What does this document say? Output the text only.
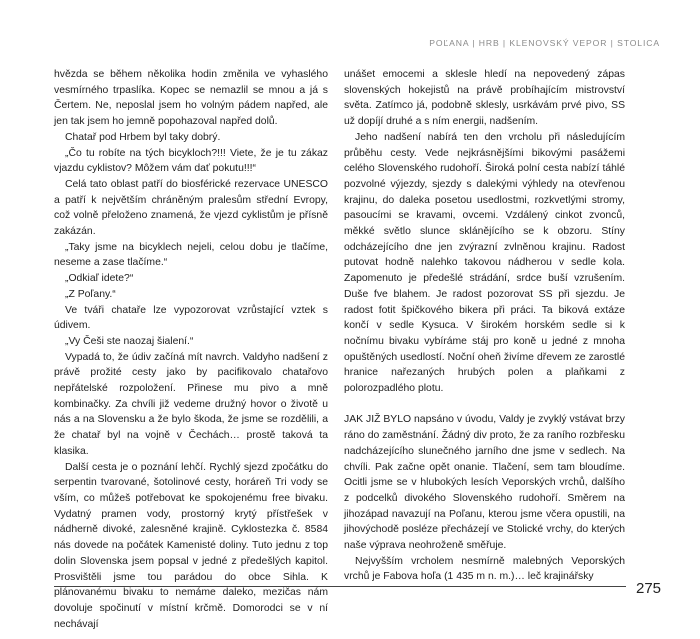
POĽANA | HRB | KLENOVSKÝ VEPOR | STOLICA

hvězda se během několika hodin změnila ve vyhaslého vesmírného trpaslíka. Kopec se nemazlil se mnou a já s Čertem. Ne, neposlal jsem ho volným pádem napřed, ale jen tak jsem ho jemně popohazoval napřed dolů.

Chatař pod Hrbem byl taky dobrý.

„Čo tu robíte na tých bicykloch?!!! Viete, že je tu zákaz vjazdu cyklistov? Môžem vám dať pokutu!!!“

Celá tato oblast patří do biosférické rezervace UNESCO a patří k největším chráněným pralesům střední Evropy, což volně přeloženo znamená, že vjezd cyklistům je přísně zakázán.

„Taky jsme na bicyklech nejeli, celou dobu je tlačíme, neseme a zase tlačíme.“

„Odkiaľ idete?“

„Z Poľany.“

Ve tváři chataře lze vypozorovat vzrůstající vztek s údivem.

„Vy Češi ste naozaj šialení.“

Vypadá to, že údiv začíná mít navrch. Valdyho nadšení z právě prožité cesty jako by pacifikovalo chatařovo nepřátelské rozpoložení. Přinese mu pivo a mně kombinačky. Za chvíli již vedeme družný hovor o životě u nás a na Slovensku a že bylo škoda, že jsme se rozdělili, a že chatař byl na vojně v Čechách… prostě taková ta klasika.

Další cesta je o poznání lehčí. Rychlý sjezd zpočátku do serpentin tvarované, šotolinové cesty, horáreň Tri vody se vším, co můžeš potřebovat ke spokojenému free bivaku. Vydatný pramen vody, prostorný krytý přístřešek v nádherně divoké, zalesněné krajině. Cyklostezka č. 8584 nás dovede na počátek Kamenisté doliny. Tuto jednu z top dolin Slovenska jsem popsal v jedné z předešlých kapitol. Prosvištěli jsme tou parádou do obce Sihla. K plánovanému bivaku to nemáme daleko, mezičas nám dovoluje spočinutí v místní krčmě. Domorodci se v ní nechávají

unášet emocemi a sklesle hledí na nepovedený zápas slovenských hokejistů na právě probíhajícím mistrovství světa. Zatímco já, podobně sklesly, usrkávám prvé pivo, SS už dopíjí druhé a s ním energii, nadšením.

Jeho nadšení nabírá ten den vrcholu při následujícím průběhu cesty. Vede nejkrásnějšími bikovými pasážemi celého Slovenského rudohoří. Široká polní cesta nabízí táhlé pozvolné výjezdy, sjezdy s dalekými výhledy na otevřenou krajinu, do daleka posetou usedlostmi, rozkvetlými stromy, pasoucími se kravami, ovcemi. Vzdálený cinkot zvonců, měkké světlo slunce sklánějícího se k obzoru. Stíny odcházejícího dne jen zvýrazní zvlněnou krajinu. Radost putovat hodně nalehko takovou nádherou v sedle kola. Zapomenuto je předešlé strádání, srdce buší vzrušením. Duše fve blahem. Je radost pozorovat SS při sjezdu. Je radost fotit špičkového bikera při práci. Ta biková extáze končí v sedle Kysuca. V širokém horském sedle si k nočnímu bivaku vybíráme stáj pro koně u jedné z mnoha opuštěných usedlostí. Noční oheň živíme dřevem ze zarostlé hranice nařezaných hrubých polen a plaňkami z polorozpadlého plotu.

JAK JIŽ BYLO napsáno v úvodu, Valdy je zvyklý vstávat brzy ráno do zaměstnání. Žádný div proto, že za raního rozbřesku nadcházejícího slunečného jarního dne jsme v sedlech. Na chvíli. Pak začne opět onanie. Tlačení, sem tam bloudíme. Ocitli jsme se v hlubokých lesích Veporských vrchů, dalšího z podcelků divokého Slovenského rudohoří. Směrem na jihozápad navazují na Poľanu, kterou jsme včera opustili, na jihovýchodě posléze přecházejí ve Stolické vrchy, do kterých naše výprava neohroženě směřuje.

Nejvyšším vrcholem nesmírně malebných Veporských vrchů je Fabova hoľa (1 435 m n. m.)… leč krajinářsky

275
